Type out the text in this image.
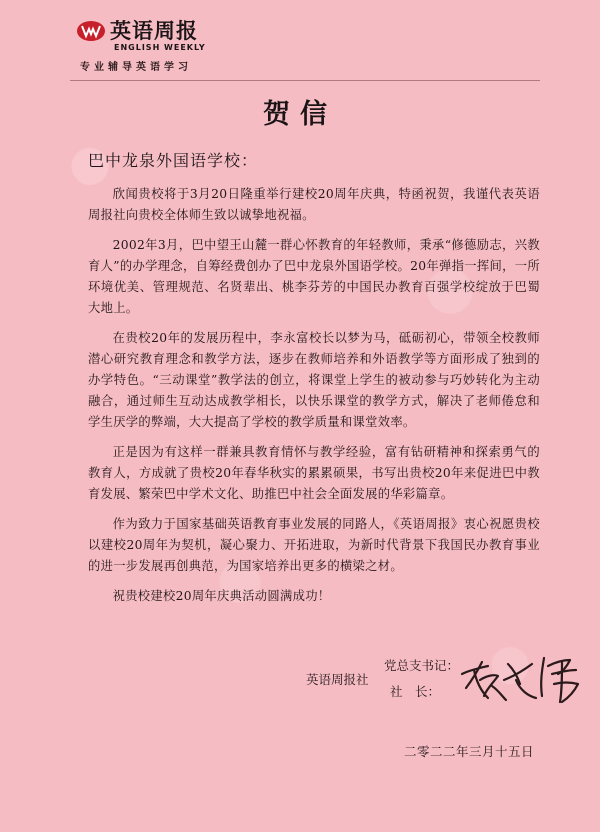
英语周报
ENGLISH WEEKLY
专业辅导英语学习
贺信
巴中龙泉外国语学校：

欣闻贵校将于3月20日隆重举行建校20周年庆典，特函祝贺，我谨代表英语周报社向贵校全体师生致以诚挚地祝福。

2002年3月，巴中望王山麓一群心怀教育的年轻教师，秉承“修德励志，兴教育人”的办学理念，自筹经费创办了巴中龙泉外国语学校。20年弹指一挥间，一所环境优美、管理规范、名贤辈出、桃李芬芳的中国民办教育百强学校绽放于巴蜀大地上。

在贵校20年的发展历程中，李永富校长以梦为马，砥砺初心，带领全校教师潜心研究教育理念和教学方法，逐步在教师培养和外语教学等方面形成了独到的办学特色。“三动课堂”教学法的创立，将课堂上学生的被动参与巧妙转化为主动融合，通过师生互动达成教学相长，以快乐课堂的教学方式，解决了老师倦怠和学生厌学的弊端，大大提高了学校的教学质量和课堂效率。

正是因为有这样一群兼具教育情怀与教学经验，富有钻研精神和探索勇气的教育人，方成就了贵校20年春华秋实的累累硕果，书写出贵校20年来促进巴中教育发展、繁荣巴中学术文化、助推巴中社会全面发展的华彩篇章。

作为致力于国家基础英语教育事业发展的同路人，《英语周报》衷心祝愿贵校以建校20周年为契机，凝心聚力、开拓进取，为新时代背景下我国民办教育事业的进一步发展再创典范，为国家培养出更多的横梁之材。

祝贵校建校20周年庆典活动圆满成功！

英语周报社
党总支书记：
社　长：
二零二二年三月十五日
